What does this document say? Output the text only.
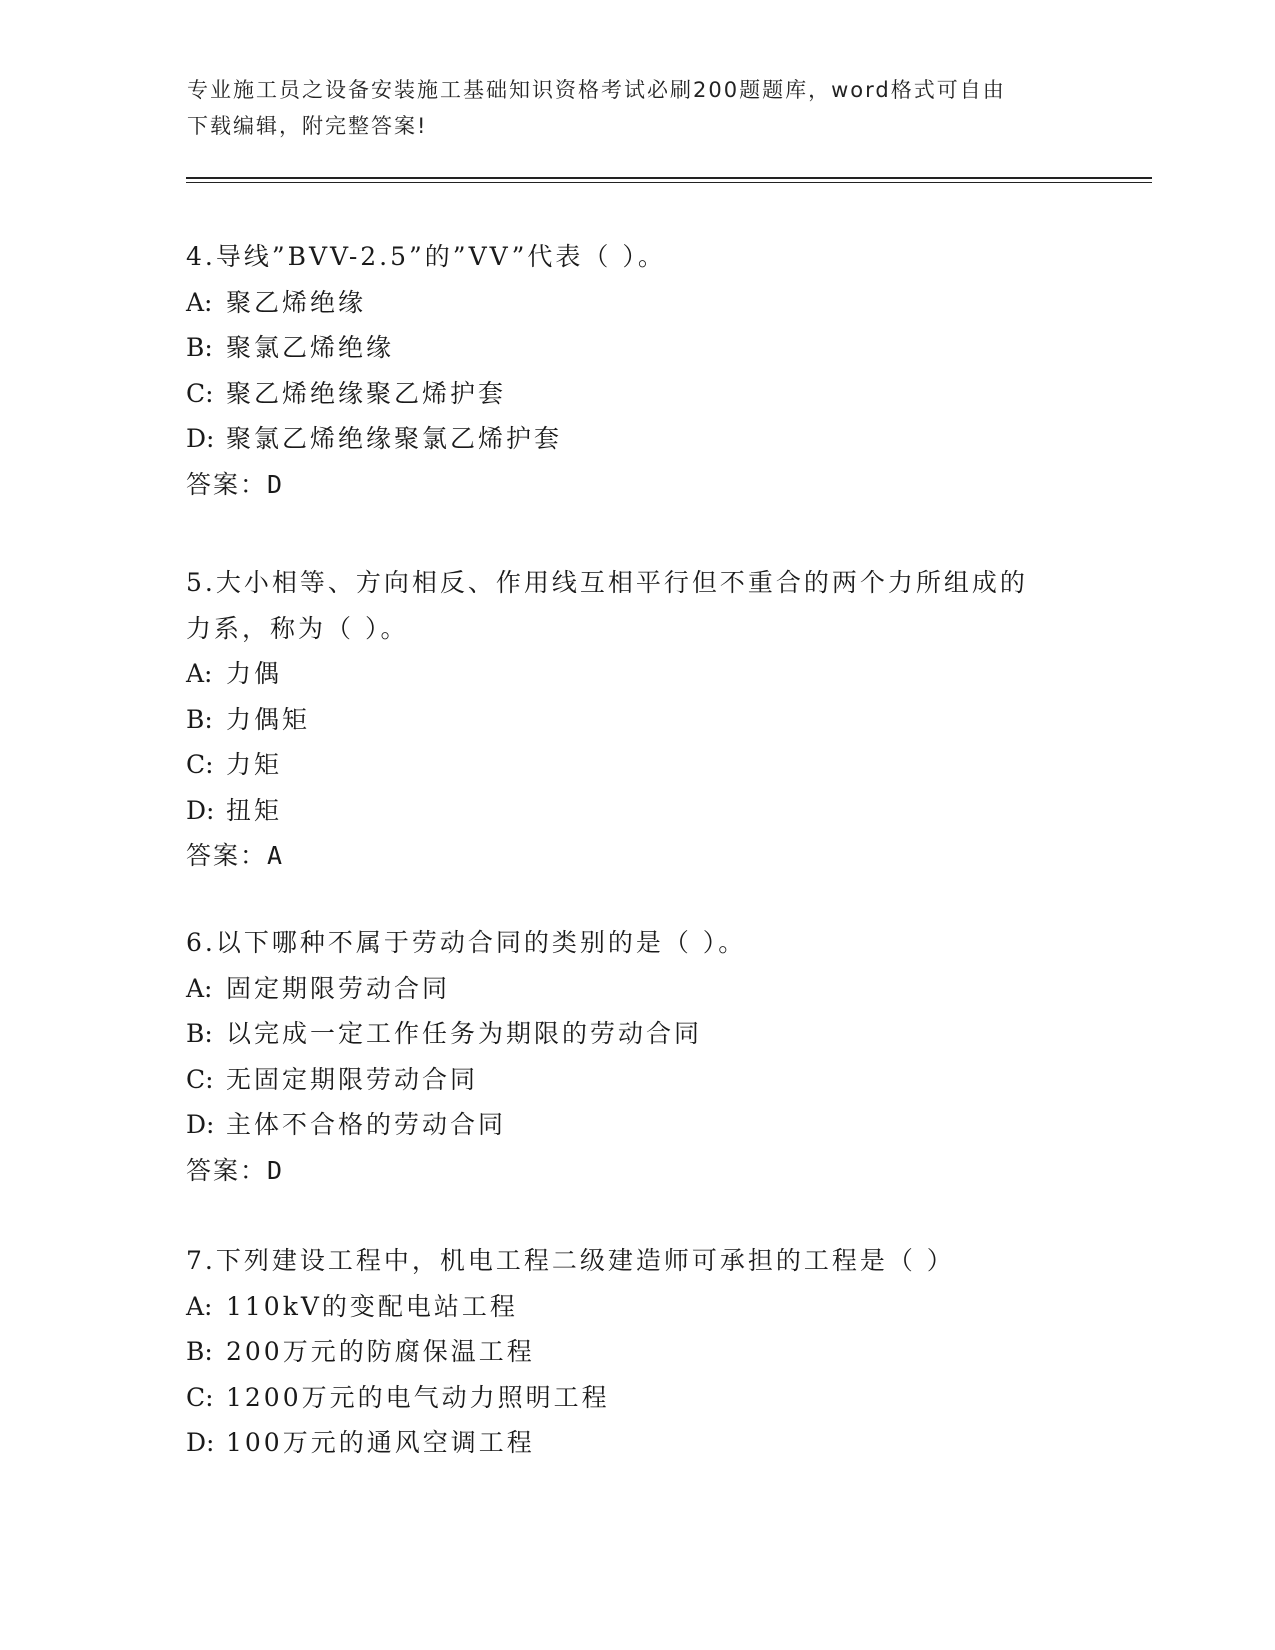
专业施工员之设备安装施工基础知识资格考试必刷200题题库，word格式可自由
下载编辑，附完整答案!

4.导线”BVV-2.5”的”VV”代表（ ）。

A: 聚乙烯绝缘

B: 聚氯乙烯绝缘

C: 聚乙烯绝缘聚乙烯护套

D: 聚氯乙烯绝缘聚氯乙烯护套

答案：D

5.大小相等、方向相反、作用线互相平行但不重合的两个力所组成的

力系，称为（ ）。

A: 力偶

B: 力偶矩

C: 力矩

D: 扭矩

答案：A

6.以下哪种不属于劳动合同的类别的是（ ）。

A: 固定期限劳动合同

B: 以完成一定工作任务为期限的劳动合同

C: 无固定期限劳动合同

D: 主体不合格的劳动合同

答案：D

7.下列建设工程中，机电工程二级建造师可承担的工程是（ ）

A: 110kV的变配电站工程

B: 200万元的防腐保温工程

C: 1200万元的电气动力照明工程

D: 100万元的通风空调工程
